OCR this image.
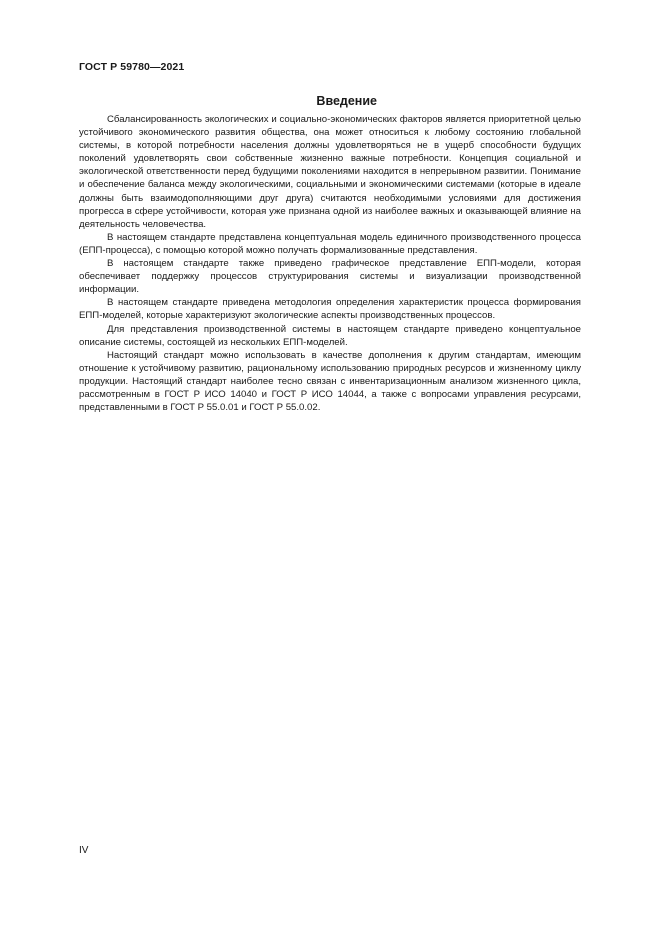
ГОСТ Р 59780—2021
Введение

Сбалансированность экологических и социально-экономических факторов является приоритетной целью устойчивого экономического развития общества, она может относиться к любому состоянию глобальной системы, в которой потребности населения должны удовлетворяться не в ущерб способности будущих поколений удовлетворять свои собственные жизненно важные потребности. Концепция социальной и экологической ответственности перед будущими поколениями находится в непрерывном развитии. Понимание и обеспечение баланса между экологическими, социальными и экономическими системами (которые в идеале должны быть взаимодополняющими друг друга) считаются необходимыми условиями для достижения прогресса в сфере устойчивости, которая уже признана одной из наиболее важных и оказывающей влияние на деятельность человечества.

В настоящем стандарте представлена концептуальная модель единичного производственного процесса (ЕПП-процесса), с помощью которой можно получать формализованные представления.

В настоящем стандарте также приведено графическое представление ЕПП-модели, которая обеспечивает поддержку процессов структурирования системы и визуализации производственной информации.

В настоящем стандарте приведена методология определения характеристик процесса формирования ЕПП-моделей, которые характеризуют экологические аспекты производственных процессов.

Для представления производственной системы в настоящем стандарте приведено концептуальное описание системы, состоящей из нескольких ЕПП-моделей.

Настоящий стандарт можно использовать в качестве дополнения к другим стандартам, имеющим отношение к устойчивому развитию, рациональному использованию природных ресурсов и жизненному циклу продукции. Настоящий стандарт наиболее тесно связан с инвентаризационным анализом жизненного цикла, рассмотренным в ГОСТ Р ИСО 14040 и ГОСТ Р ИСО 14044, а также с вопросами управления ресурсами, представленными в ГОСТ Р 55.0.01 и ГОСТ Р 55.0.02.

IV
